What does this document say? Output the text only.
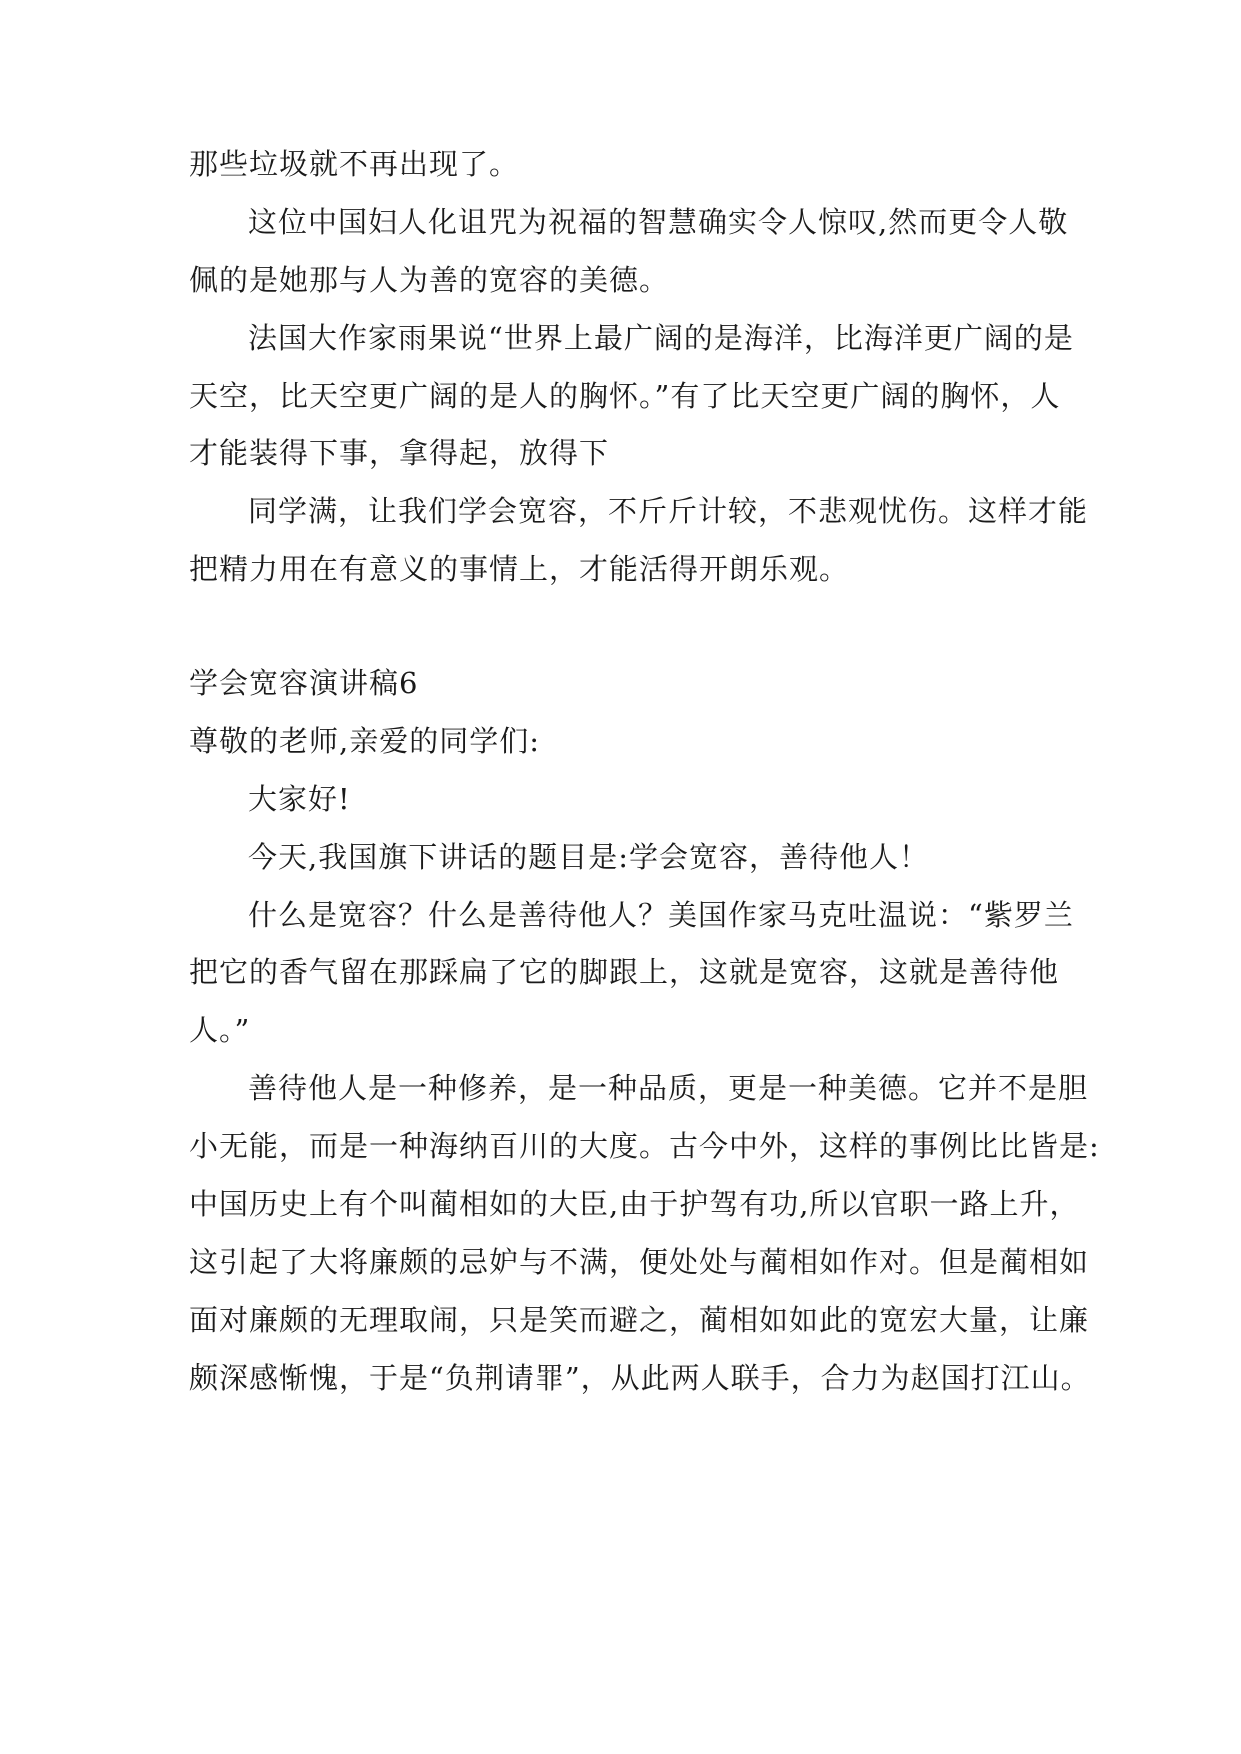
那些垃圾就不再出现了。
这位中国妇人化诅咒为祝福的智慧确实令人惊叹,然而更令人敬
佩的是她那与人为善的宽容的美德。
法国大作家雨果说“世界上最广阔的是海洋，比海洋更广阔的是
天空，比天空更广阔的是人的胸怀。”有了比天空更广阔的胸怀，人
才能装得下事，拿得起，放得下
同学满，让我们学会宽容，不斤斤计较，不悲观忧伤。这样才能
把精力用在有意义的事情上，才能活得开朗乐观。
学会宽容演讲稿6
尊敬的老师,亲爱的同学们:
大家好!
今天,我国旗下讲话的题目是:学会宽容，善待他人！
什么是宽容？什么是善待他人？美国作家马克吐温说：“紫罗兰
把它的香气留在那踩扁了它的脚跟上，这就是宽容，这就是善待他
人。”
善待他人是一种修养，是一种品质，更是一种美德。它并不是胆
小无能，而是一种海纳百川的大度。古今中外，这样的事例比比皆是:
中国历史上有个叫蔺相如的大臣,由于护驾有功,所以官职一路上升，
这引起了大将廉颇的忌妒与不满，便处处与蔺相如作对。但是蔺相如
面对廉颇的无理取闹，只是笑而避之，蔺相如如此的宽宏大量，让廉
颇深感惭愧，于是“负荆请罪”，从此两人联手，合力为赵国打江山。
